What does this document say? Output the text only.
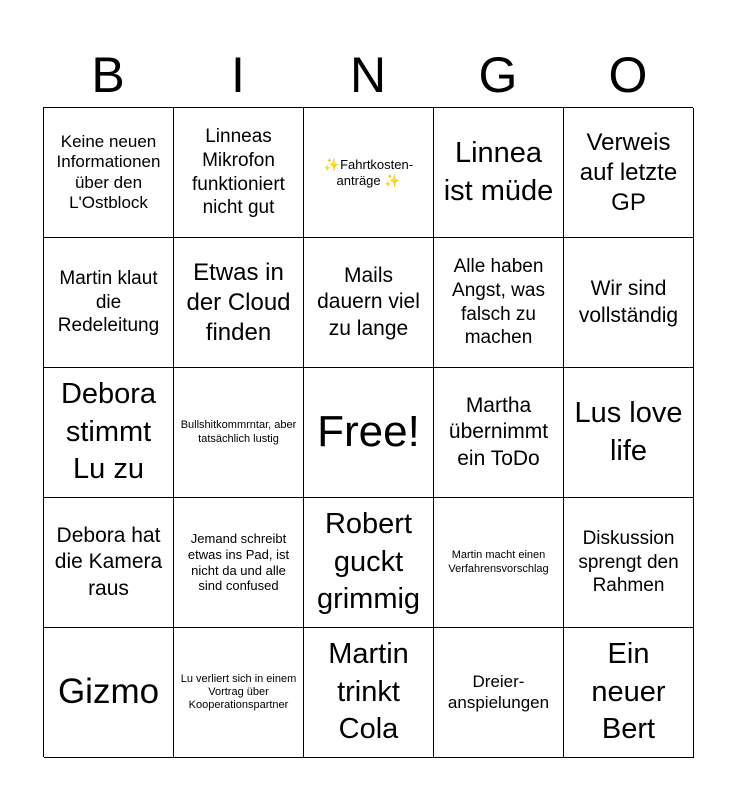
B	I	N	G	O
Keine neuen Informationen über den L'Ostblock
Linneas Mikrofon funktioniert nicht gut
✨Fahrtkosten-anträge ✨
Linnea ist müde
Verweis auf letzte GP
Martin klaut die Redeleitung
Etwas in der Cloud finden
Mails dauern viel zu lange
Alle haben Angst, was falsch zu machen
Wir sind vollständig
Debora stimmt Lu zu
Bullshitkommrntar, aber tatsächlich lustig Free!
Martha übernimmt ein ToDo
Lus love life
Debora hat die Kamera raus
Jemand schreibt etwas ins Pad, ist nicht da und alle sind confused
Robert guckt grimmig
Martin macht einen Verfahrensvorschlag
Diskussion sprengt den Rahmen
Gizmo Lu verliert sich in einem Vortrag über Kooperationspartner
Martin trinkt Cola
Dreier-anspielungen
Ein neuer Bert
